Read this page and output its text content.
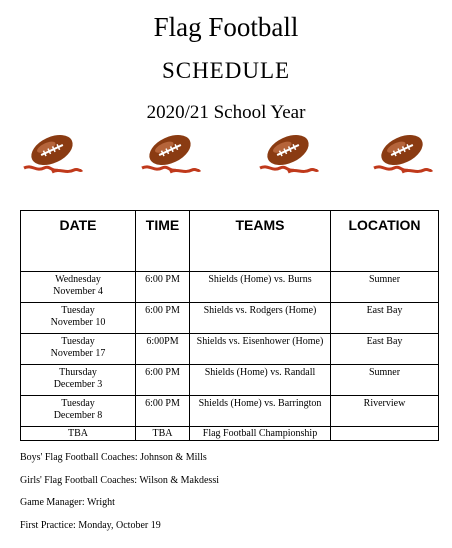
Flag Football
SCHEDULE
2020/21 School Year
DATE	TIME	TEAMS	LOCATION

Wednesday
November 4	6:00 PM	Shields (Home) vs. Burns	Sumner

Tuesday
November 10	6:00 PM	Shields vs. Rodgers (Home)	East Bay

Tuesday
November 17	6:00PM	Shields vs. Eisenhower (Home)	East Bay

Thursday
December 3	6:00 PM	Shields (Home) vs. Randall	Sumner

Tuesday
December 8	6:00 PM	Shields (Home) vs. Barrington	Riverview
TBA	TBA	Flag Football Championship	
Boys' Flag Football Coaches: Johnson & Mills
Girls' Flag Football Coaches: Wilson & Makdessi
Game Manager: Wright
First Practice: Monday, October 19
